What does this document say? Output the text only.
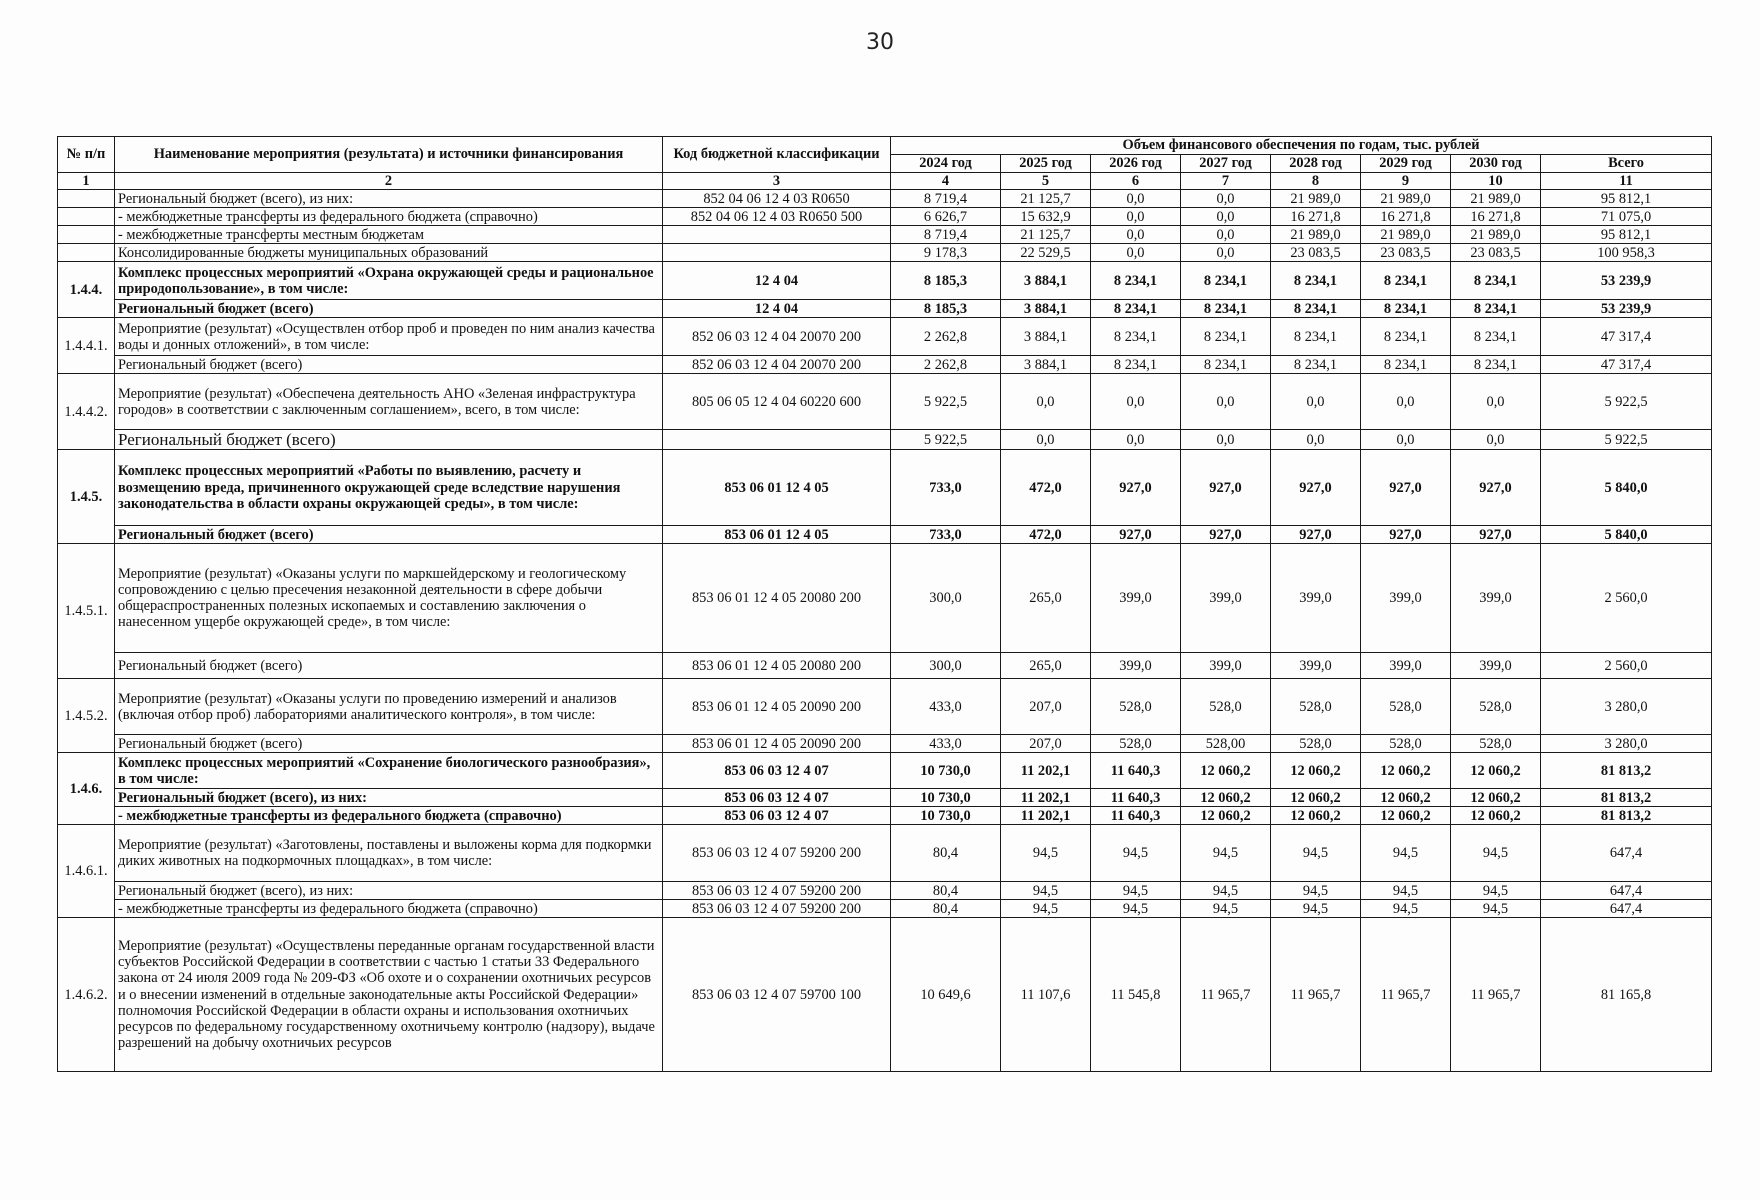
30
№ п/п	Наименование мероприятия (результата) и источники финансирования	Код бюджетной классификации	Объем финансового обеспечения по годам, тыс. рублей							
			2024 год	2025 год	2026 год	2027 год	2028 год	2029 год	2030 год	Всего
1	2	3	4	5	6	7	8	9	10	11
	Региональный бюджет (всего), из них:	852 04 06 12 4 03 R0650	8 719,4	21 125,7	0,0	0,0	21 989,0	21 989,0	21 989,0	95 812,1
	- межбюджетные трансферты из федерального бюджета (справочно)	852 04 06 12 4 03 R0650 500	6 626,7	15 632,9	0,0	0,0	16 271,8	16 271,8	16 271,8	71 075,0
	- межбюджетные трансферты местным бюджетам		8 719,4	21 125,7	0,0	0,0	21 989,0	21 989,0	21 989,0	95 812,1
	Консолидированные бюджеты муниципальных образований		9 178,3	22 529,5	0,0	0,0	23 083,5	23 083,5	23 083,5	100 958,3
1.4.4.	Комплекс процессных мероприятий «Охрана окружающей среды и рациональное природопользование», в том числе:	12 4 04	8 185,3	3 884,1	8 234,1	8 234,1	8 234,1	8 234,1	8 234,1	53 239,9
	Региональный бюджет (всего)	12 4 04	8 185,3	3 884,1	8 234,1	8 234,1	8 234,1	8 234,1	8 234,1	53 239,9
1.4.4.1.	Мероприятие (результат) «Осуществлен отбор проб и проведен по ним анализ качества воды и донных отложений», в том числе:	852 06 03 12 4 04 20070 200	2 262,8	3 884,1	8 234,1	8 234,1	8 234,1	8 234,1	8 234,1	47 317,4
	Региональный бюджет (всего)	852 06 03 12 4 04 20070 200	2 262,8	3 884,1	8 234,1	8 234,1	8 234,1	8 234,1	8 234,1	47 317,4
1.4.4.2.	Мероприятие (результат) «Обеспечена деятельность АНО «Зеленая инфраструктура городов» в соответствии с заключенным соглашением», всего, в том числе:	805 06 05 12 4 04 60220 600	5 922,5	0,0	0,0	0,0	0,0	0,0	0,0	5 922,5
	Региональный бюджет (всего)		5 922,5	0,0	0,0	0,0	0,0	0,0	0,0	5 922,5
1.4.5.	Комплекс процессных мероприятий «Работы по выявлению, расчету и возмещению вреда, причиненного окружающей среде вследствие нарушения законодательства в области охраны окружающей среды», в том числе:	853 06 01 12 4 05	733,0	472,0	927,0	927,0	927,0	927,0	927,0	5 840,0
	Региональный бюджет (всего)	853 06 01 12 4 05	733,0	472,0	927,0	927,0	927,0	927,0	927,0	5 840,0
1.4.5.1.	Мероприятие (результат) «Оказаны услуги по маркшейдерскому и геологическому сопровождению с целью пресечения незаконной деятельности в сфере добычи общераспространенных полезных ископаемых и составлению заключения о нанесенном ущербе окружающей среде», в том числе:	853 06 01 12 4 05 20080 200	300,0	265,0	399,0	399,0	399,0	399,0	399,0	2 560,0
	Региональный бюджет (всего)	853 06 01 12 4 05 20080 200	300,0	265,0	399,0	399,0	399,0	399,0	399,0	2 560,0
1.4.5.2.	Мероприятие (результат) «Оказаны услуги по проведению измерений и анализов (включая отбор проб) лабораториями аналитического контроля», в том числе:	853 06 01 12 4 05 20090 200	433,0	207,0	528,0	528,0	528,0	528,0	528,0	3 280,0
	Региональный бюджет (всего)	853 06 01 12 4 05 20090 200	433,0	207,0	528,0	528,00	528,0	528,0	528,0	3 280,0
1.4.6.	Комплекс процессных мероприятий «Сохранение биологического разнообразия», в том числе:	853 06 03 12 4 07	10 730,0	11 202,1	11 640,3	12 060,2	12 060,2	12 060,2	12 060,2	81 813,2
	Региональный бюджет (всего), из них:	853 06 03 12 4 07	10 730,0	11 202,1	11 640,3	12 060,2	12 060,2	12 060,2	12 060,2	81 813,2
	- межбюджетные трансферты из федерального бюджета (справочно)	853 06 03 12 4 07	10 730,0	11 202,1	11 640,3	12 060,2	12 060,2	12 060,2	12 060,2	81 813,2
1.4.6.1.	Мероприятие (результат) «Заготовлены, поставлены и выложены корма для подкормки диких животных на подкормочных площадках», в том числе:	853 06 03 12 4 07 59200 200	80,4	94,5	94,5	94,5	94,5	94,5	94,5	647,4
	Региональный бюджет (всего), из них:	853 06 03 12 4 07 59200 200	80,4	94,5	94,5	94,5	94,5	94,5	94,5	647,4
	- межбюджетные трансферты из федерального бюджета (справочно)	853 06 03 12 4 07 59200 200	80,4	94,5	94,5	94,5	94,5	94,5	94,5	647,4
1.4.6.2.	Мероприятие (результат) «Осуществлены переданные органам государственной власти субъектов Российской Федерации в соответствии с частью 1 статьи 33 Федерального закона от 24 июля 2009 года № 209-ФЗ «Об охоте и о сохранении охотничьих ресурсов и о внесении изменений в отдельные законодательные акты Российской Федерации» полномочия Российской Федерации в области охраны и использования охотничьих ресурсов по федеральному государственному охотничьему контролю (надзору), выдаче разрешений на добычу охотничьих ресурсов	853 06 03 12 4 07 59700 100	10 649,6	11 107,6	11 545,8	11 965,7	11 965,7	11 965,7	11 965,7	81 165,8
